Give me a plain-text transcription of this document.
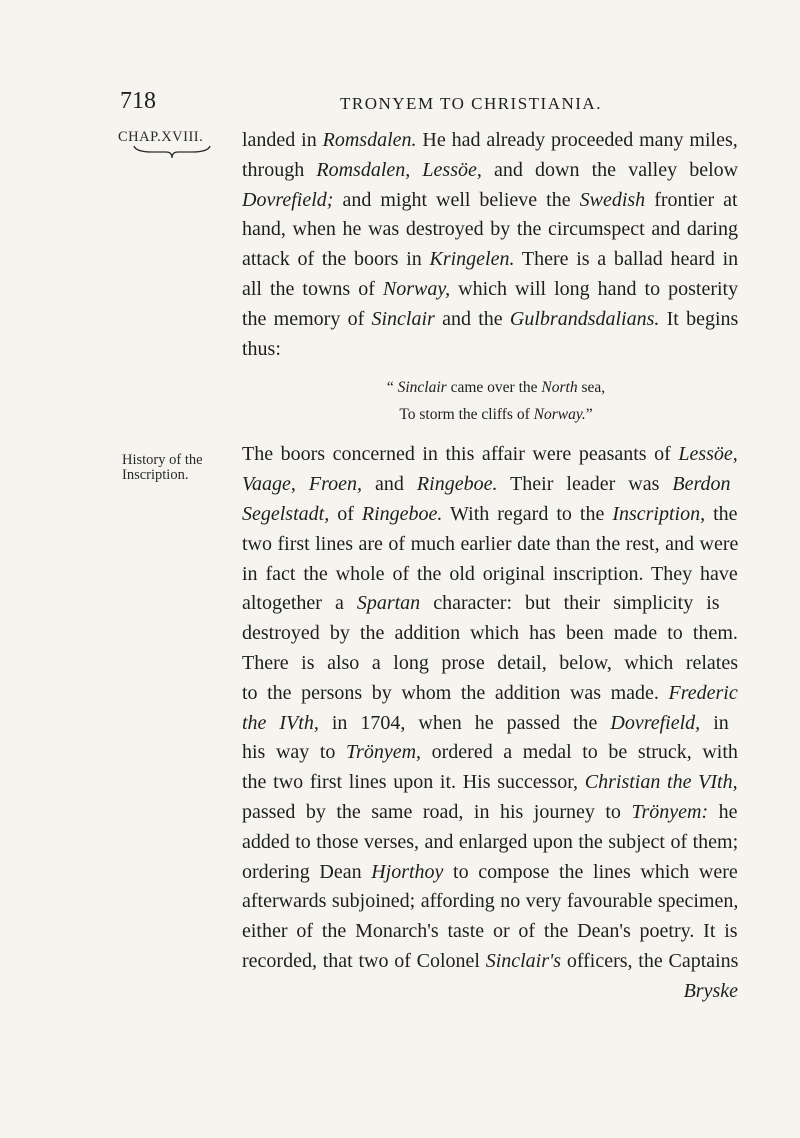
718	TRONYEM TO CHRISTIANIA.
CHAP.XVIII.
History of the
Inscription.
landed in Romsdalen. He had already proceeded many miles,
through Romsdalen, Lessöe, and down the valley below
Dovrefield; and might well believe the Swedish frontier at
hand, when he was destroyed by the circumspect and daring
attack of the boors in Kringelen. There is a ballad heard in
all the towns of Norway, which will long hand to posterity
the memory of Sinclair and the Gulbrandsdalians. It begins
thus:
“ Sinclair came over the North sea,
To storm the cliffs of Norway.”
The boors concerned in this affair were peasants of Lessöe,
Vaage, Froen, and Ringeboe. Their leader was Berdon
Segelstadt, of Ringeboe. With regard to the Inscription, the
two first lines are of much earlier date than the rest, and were
in fact the whole of the old original inscription. They have
altogether a Spartan character: but their simplicity is
destroyed by the addition which has been made to them.
There is also a long prose detail, below, which relates
to the persons by whom the addition was made. Frederic
the IVth, in 1704, when he passed the Dovrefield, in
his way to Trönyem, ordered a medal to be struck, with
the two first lines upon it. His successor, Christian the VIth,
passed by the same road, in his journey to Trönyem: he
added to those verses, and enlarged upon the subject of them;
ordering Dean Hjorthoy to compose the lines which were
afterwards subjoined; affording no very favourable specimen,
either of the Monarch's taste or of the Dean's poetry. It is
recorded, that two of Colonel Sinclair's officers, the Captains
Bryske
